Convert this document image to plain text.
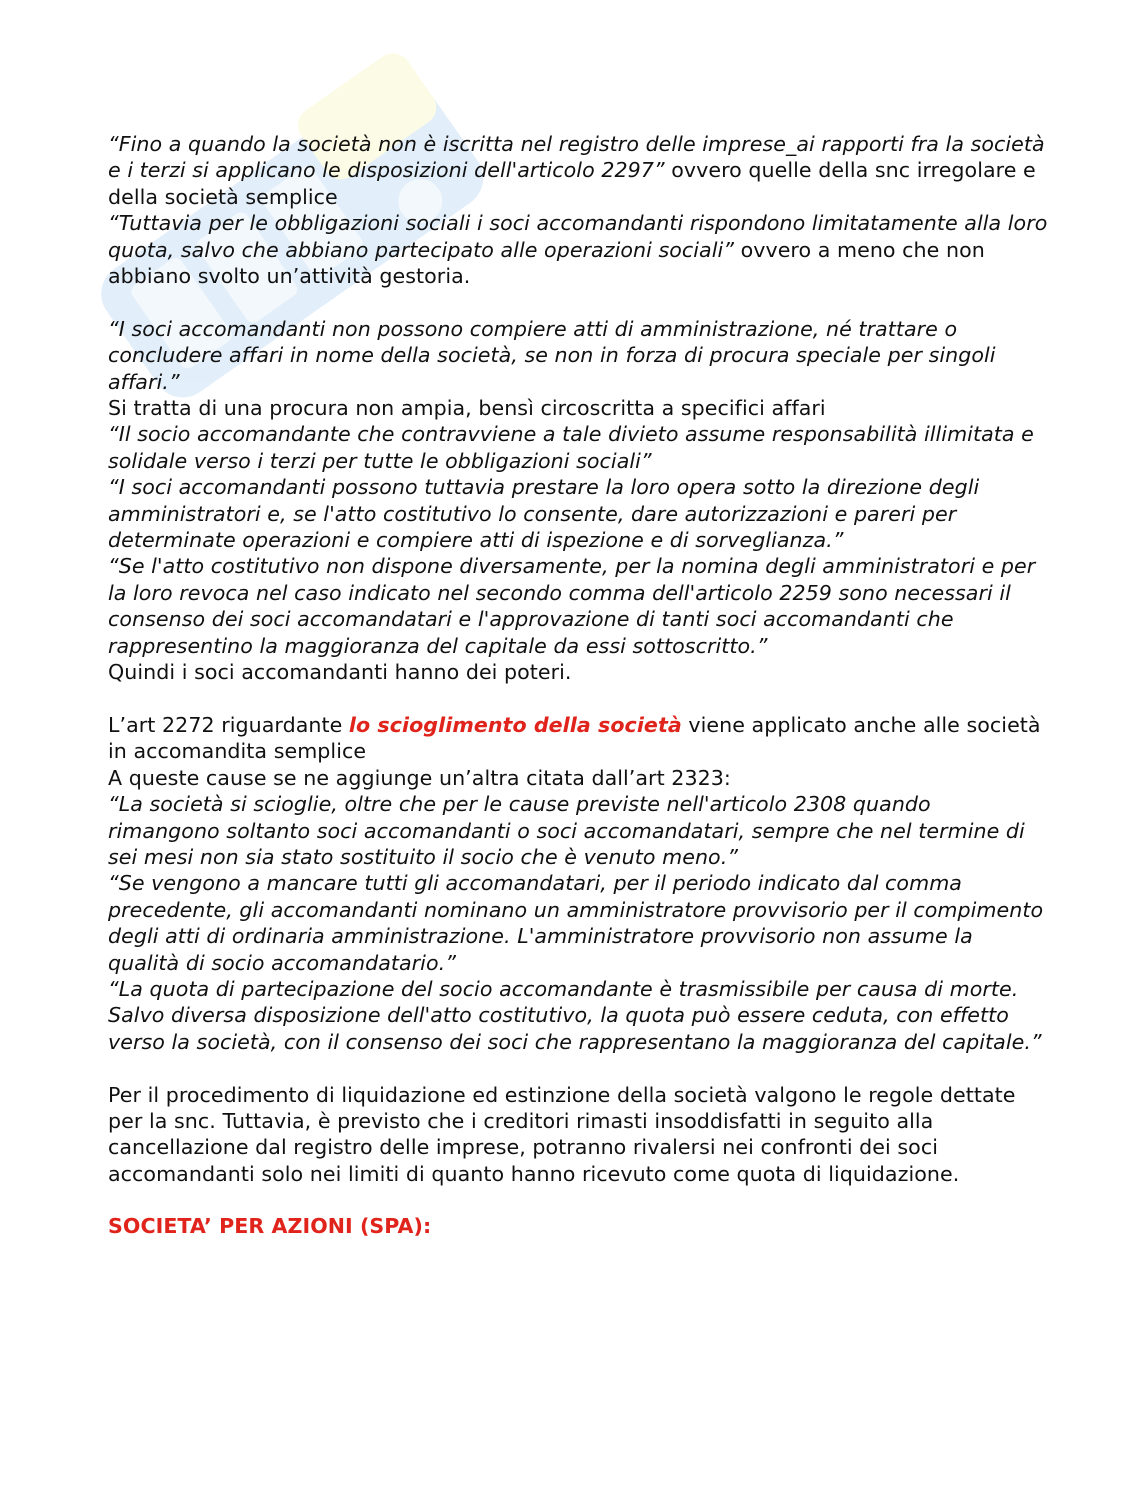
“Fino a quando la società non è iscritta nel registro delle imprese_ai rapporti fra la società e i terzi si applicano le disposizioni dell'articolo 2297” ovvero quelle della snc irregolare e della società semplice

“Tuttavia per le obbligazioni sociali i soci accomandanti rispondono limitatamente alla loro quota, salvo che abbiano partecipato alle operazioni sociali” ovvero a meno che non abbiano svolto un’attività gestoria.

“I soci accomandanti non possono compiere atti di amministrazione, né trattare o concludere affari in nome della società, se non in forza di procura speciale per singoli affari.”

Si tratta di una procura non ampia, bensì circoscritta a specifici affari

“Il socio accomandante che contravviene a tale divieto assume responsabilità illimitata e solidale verso i terzi per tutte le obbligazioni sociali”

“I soci accomandanti possono tuttavia prestare la loro opera sotto la direzione degli amministratori e, se l'atto costitutivo lo consente, dare autorizzazioni e pareri per determinate operazioni e compiere atti di ispezione e di sorveglianza.”

“Se l'atto costitutivo non dispone diversamente, per la nomina degli amministratori e per la loro revoca nel caso indicato nel secondo comma dell'articolo 2259 sono necessari il consenso dei soci accomandatari e l'approvazione di tanti soci accomandanti che rappresentino la maggioranza del capitale da essi sottoscritto.”

Quindi i soci accomandanti hanno dei poteri.

L’art 2272 riguardante lo scioglimento della società viene applicato anche alle società in accomandita semplice

A queste cause se ne aggiunge un’altra citata dall’art 2323:

“La società si scioglie, oltre che per le cause previste nell'articolo 2308 quando rimangono soltanto soci accomandanti o soci accomandatari, sempre che nel termine di sei mesi non sia stato sostituito il socio che è venuto meno.”

“Se vengono a mancare tutti gli accomandatari, per il periodo indicato dal comma precedente, gli accomandanti nominano un amministratore provvisorio per il compimento degli atti di ordinaria amministrazione. L'amministratore provvisorio non assume la qualità di socio accomandatario.”

“La quota di partecipazione del socio accomandante è trasmissibile per causa di morte.

Salvo diversa disposizione dell'atto costitutivo, la quota può essere ceduta, con effetto verso la società, con il consenso dei soci che rappresentano la maggioranza del capitale.”

Per il procedimento di liquidazione ed estinzione della società valgono le regole dettate per la snc. Tuttavia, è previsto che i creditori rimasti insoddisfatti in seguito alla cancellazione dal registro delle imprese, potranno rivalersi nei confronti dei soci accomandanti solo nei limiti di quanto hanno ricevuto come quota di liquidazione.

SOCIETA’ PER AZIONI (SPA):
